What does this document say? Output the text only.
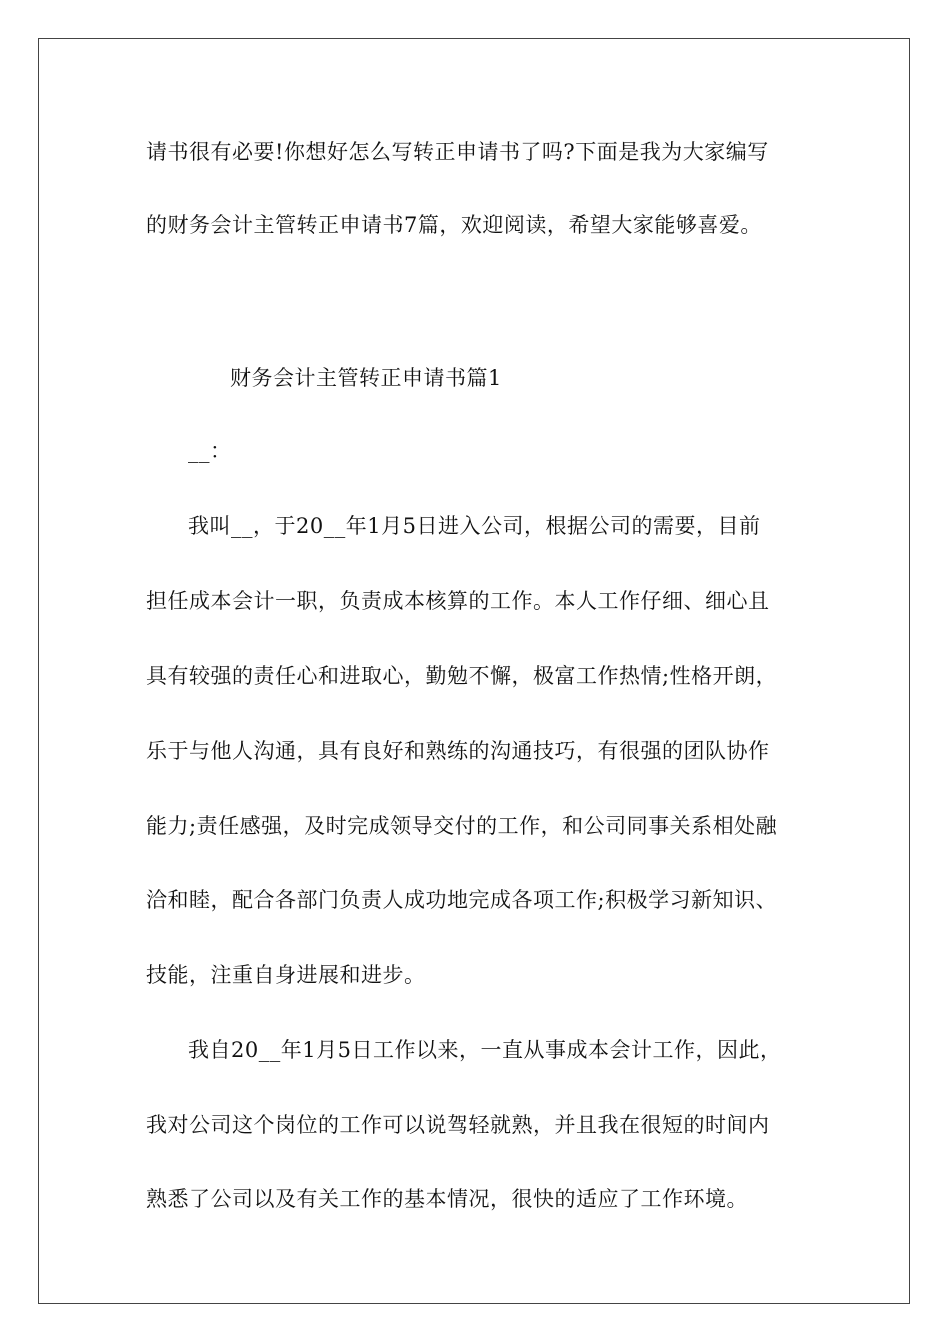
请书很有必要!你想好怎么写转正申请书了吗?下面是我为大家编写
的财务会计主管转正申请书7篇，欢迎阅读，希望大家能够喜爱。
财务会计主管转正申请书篇1
__：
我叫__，于20__年1月5日进入公司，根据公司的需要，目前
担任成本会计一职，负责成本核算的工作。本人工作仔细、细心且
具有较强的责任心和进取心，勤勉不懈，极富工作热情;性格开朗，
乐于与他人沟通，具有良好和熟练的沟通技巧，有很强的团队协作
能力;责任感强，及时完成领导交付的工作，和公司同事关系相处融
洽和睦，配合各部门负责人成功地完成各项工作;积极学习新知识、
技能，注重自身进展和进步。
我自20__年1月5日工作以来，一直从事成本会计工作，因此，
我对公司这个岗位的工作可以说驾轻就熟，并且我在很短的时间内
熟悉了公司以及有关工作的基本情况，很快的适应了工作环境。
